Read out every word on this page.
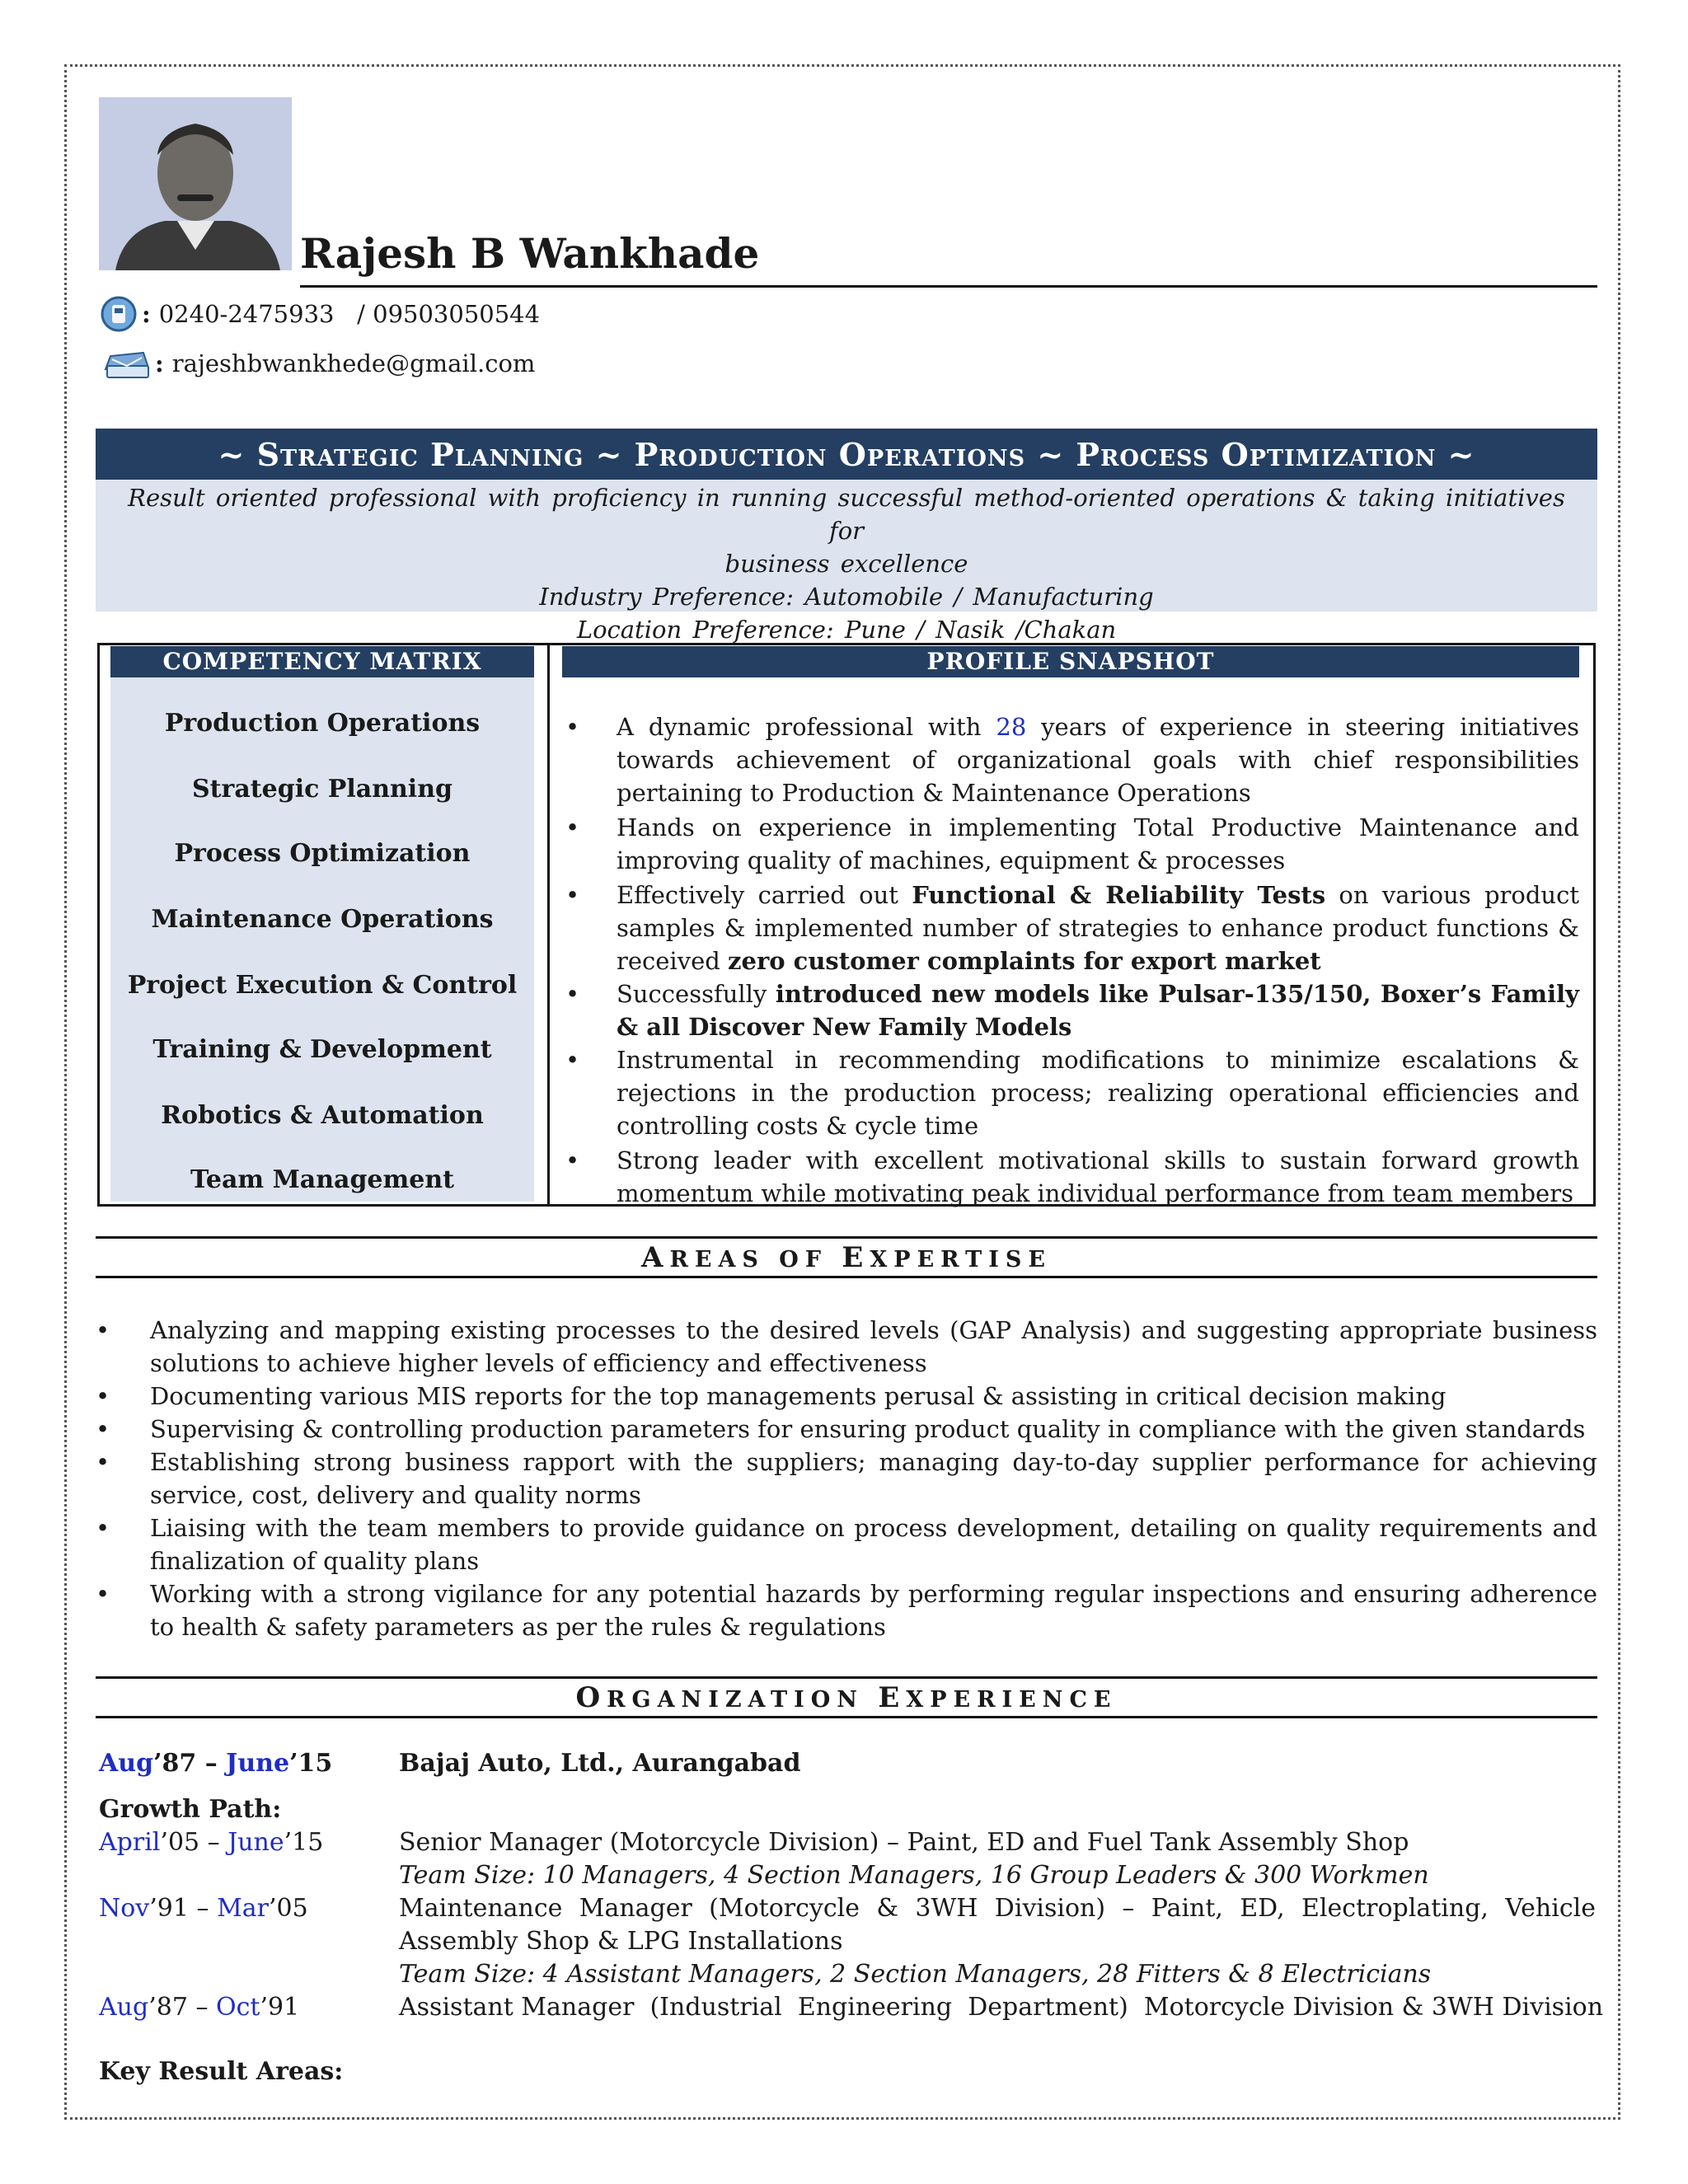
Rajesh B Wankhade
: 0240-2475933   / 09503050544
: rajeshbwankhede@gmail.com
~ Strategic Planning ~ Production Operations ~ Process Optimization ~
Result oriented professional with proficiency in running successful method-oriented operations & taking initiatives for
business excellence
Industry Preference: Automobile / Manufacturing
Location Preference: Pune / Nasik /Chakan
COMPETENCY MATRIX
Production Operations
Strategic Planning
Process Optimization
Maintenance Operations
Project Execution & Control
Training & Development
Robotics & Automation
Team Management
PROFILE SNAPSHOT
• A dynamic professional with 28 years of experience in steering initiatives towards achievement of organizational goals with chief responsibilities pertaining to Production & Maintenance Operations
• Hands on experience in implementing Total Productive Maintenance and improving quality of machines, equipment & processes
• Effectively carried out Functional & Reliability Tests on various product samples & implemented number of strategies to enhance product functions & received zero customer complaints for export market
• Successfully introduced new models like Pulsar-135/150, Boxer’s Family & all Discover New Family Models
• Instrumental in recommending modifications to minimize escalations & rejections in the production process; realizing operational efficiencies and controlling costs & cycle time
• Strong leader with excellent motivational skills to sustain forward growth momentum while motivating peak individual performance from team members
AREAS OF EXPERTISE
• Analyzing and mapping existing processes to the desired levels (GAP Analysis) and suggesting appropriate business solutions to achieve higher levels of efficiency and effectiveness
• Documenting various MIS reports for the top managements perusal & assisting in critical decision making
• Supervising & controlling production parameters for ensuring product quality in compliance with the given standards
• Establishing strong business rapport with the suppliers; managing day-to-day supplier performance for achieving service, cost, delivery and quality norms
• Liaising with the team members to provide guidance on process development, detailing on quality requirements and finalization of quality plans
• Working with a strong vigilance for any potential hazards by performing regular inspections and ensuring adherence to health & safety parameters as per the rules & regulations
ORGANIZATION EXPERIENCE
Aug’87 – June’15	Bajaj Auto, Ltd., Aurangabad
Growth Path:
April’05 – June’15	Senior Manager (Motorcycle Division) – Paint, ED and Fuel Tank Assembly Shop
Team Size: 10 Managers, 4 Section Managers, 16 Group Leaders & 300 Workmen
Nov’91 – Mar’05	Maintenance Manager (Motorcycle & 3WH Division) – Paint, ED, Electroplating, Vehicle Assembly Shop & LPG Installations
Team Size: 4 Assistant Managers, 2 Section Managers, 28 Fitters & 8 Electricians
Aug’87 – Oct’91	Assistant Manager  (Industrial  Engineering  Department)  Motorcycle Division & 3WH Division
Key Result Areas:
